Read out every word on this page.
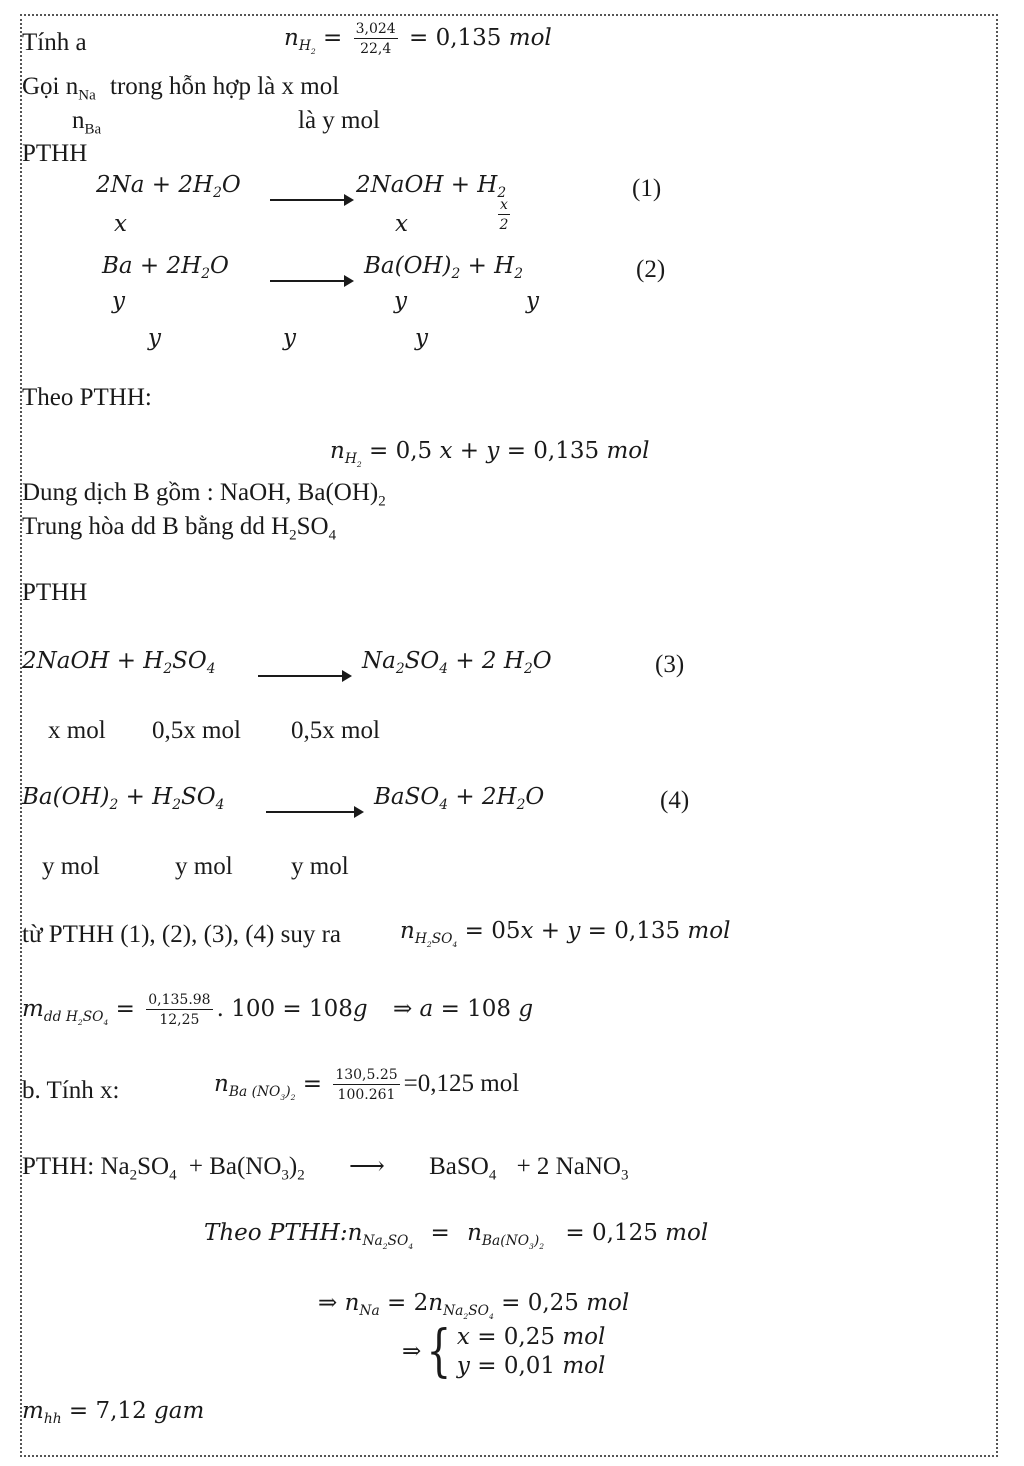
Tính a	$n_{H_2} = \frac{3,024}{22,4} = 0,135$ mol
Gọi $n_{Na}$ trong hỗn hợp là x mol
$n_{Ba}$	là y mol
PTHH
$2Na + 2H_2O$	2NaOH + $H_2$	(1)
x	x	$\frac{x}{2}$
$Ba + 2H_2O$	$Ba(OH)_2 + H_2$	(2)
y	y	y
y	y	y
Theo PTHH:
$n_{H_2} = 0,5$ x + y = 0,135 mol
Dung dịch B gồm : NaOH, $Ba(OH)_2$
Trung hòa dd B bằng dd $H_2SO_4$
PTHH
2NaOH + $H_2SO_4$	$Na_2SO_4 + 2$ $H_2O$	(3)
x mol 0,5x mol 0,5x mol
$Ba(OH)_2 + H_2SO_4$	BaSO$_4$ + $2H_2O$	(4)
y mol	y mol y mol
từ PTHH (1), (2), (3), (4) suy ra	$n_{H_2SO_4} = 05x + y = 0,135$ mol
$m_{dd H_2SO_4} = \frac{0,135.98}{12,25}$ . 100 = 108g ⇒ a = 108 g
b. Tính x:	$n_{Ba (NO_3)_2} = \frac{130,5.25}{100.261} =0,125$ mol
PTHH: $Na_2SO_4 + Ba(NO_3)_2$ ⟶ BaSO$_4$ + 2 NaNO$_3$
Theo $PTHH:n_{Na_2SO_4} = n_{Ba(NO_3)_2} = 0,125$ mol
⇒ $n_{Na} = 2n_{Na_2SO_4} = 0,25$ mol
⇒{ x = 0,25 mol
y = 0,01 mol
$m_{hh} = 7,12$ gam
